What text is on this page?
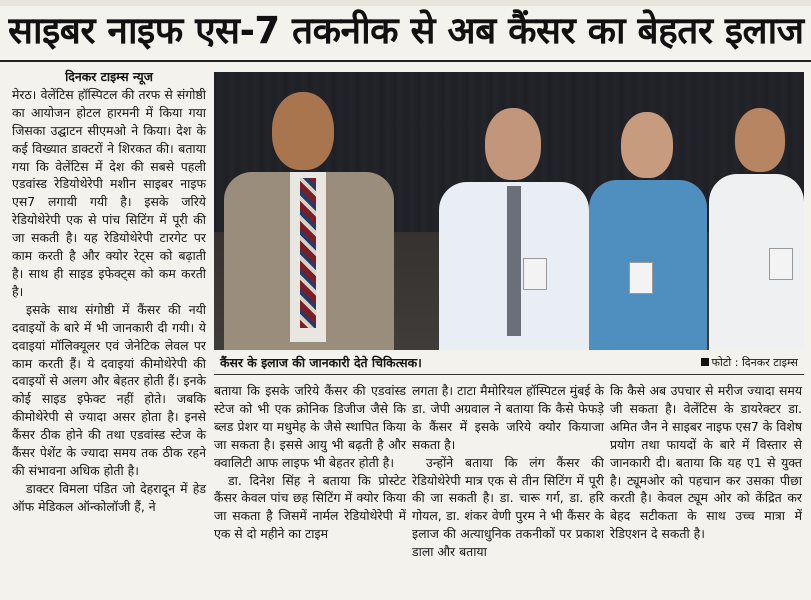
साइबर नाइफ एस-7 तकनीक से अब कैंसर का बेहतर इलाज

दिनकर टाइम्स न्यूज

मेरठ। वेलेंटिस हॉस्पिटल की तरफ से संगोष्ठी का आयोजन होटल हारमनी में किया गया जिसका उद्घाटन सीएमओ ने किया। देश के कई विख्यात डाक्टरों ने शिरकत की। बताया गया कि वेलेंटिस में देश की सबसे पहली एडवांस्ड रेडियोथेरेपी मशीन साइबर नाइफ एस7 लगायी गयी है। इसके जरिये रेडियोथेरेपी एक से पांच सिटिंग में पूरी की जा सकती है। यह रेडियोथेरेपी टारगेट पर काम करती है और क्योर रेट्स को बढ़ाती है। साथ ही साइड इफेक्ट्स को कम करती है।

इसके साथ संगोष्ठी में कैंसर की नयी दवाइयों के बारे में भी जानकारी दी गयी। ये दवाइयां मॉलिक्यूलर एवं जेनेटिक लेवल पर काम करती हैं। ये दवाइयां कीमोथेरेपी की दवाइयों से अलग और बेहतर होती हैं। इनके कोई साइड इफेक्ट नहीं होते। जबकि कीमोथेरेपी से ज्यादा असर होता है। इनसे कैंसर ठीक होने की तथा एडवांस्ड स्टेज के कैंसर पेशेंट के ज्यादा समय तक ठीक रहने की संभावना अधिक होती है।

डाक्टर विमला पंडित जो देहरादून में हेड ऑफ मेडिकल ऑन्कोलॉजी हैं, ने

कैंसर के इलाज की जानकारी देते चिकित्सक।	फोटो : दिनकर टाइम्स

बताया कि इसके जरिये कैंसर की एडवांस्ड स्टेज को भी एक क्रोनिक डिजीज जैसे कि ब्लड प्रेशर या मधुमेह के जैसे स्थापित किया जा सकता है। इससे आयु भी बढ़ती है और क्वालिटी आफ लाइफ भी बेहतर होती है।

डा. दिनेश सिंह ने बताया कि प्रोस्टेट कैंसर केवल पांच छह सिटिंग में क्योर किया जा सकता है जिसमें नार्मल रेडियोथेरेपी में एक से दो महीने का टाइम

लगता है। टाटा मैमोरियल हॉस्पिटल मुंबई के डा. जेपी अग्रवाल ने बताया कि कैसे फेफड़े के कैंसर में इसके जरिये क्योर कियाजा सकता है।

उन्होंने बताया कि लंग कैंसर की रेडियोथेरेपी मात्र एक से तीन सिटिंग में पूरी की जा सकती है। डा. चारू गर्ग, डा. हरि गोयल, डा. शंकर वेणी पुरम ने भी कैंसर के इलाज की अत्याधुनिक तकनीकों पर प्रकाश डाला और बताया

कि कैसे अब उपचार से मरीज ज्यादा समय जी सकता है। वेलेंटिस के डायरेक्टर डा. अमित जैन ने साइबर नाइफ एस7 के विशेष प्रयोग तथा फायदों के बारे में विस्तार से जानकारी दी। बताया कि यह ए1 से युक्त है। ट्यूमओर को पहचान कर उसका पीछा करती है। केवल ट्यूम ओर को केंद्रित कर बेहद सटीकता के साथ उच्च मात्रा में रेडिएशन दे सकती है।
